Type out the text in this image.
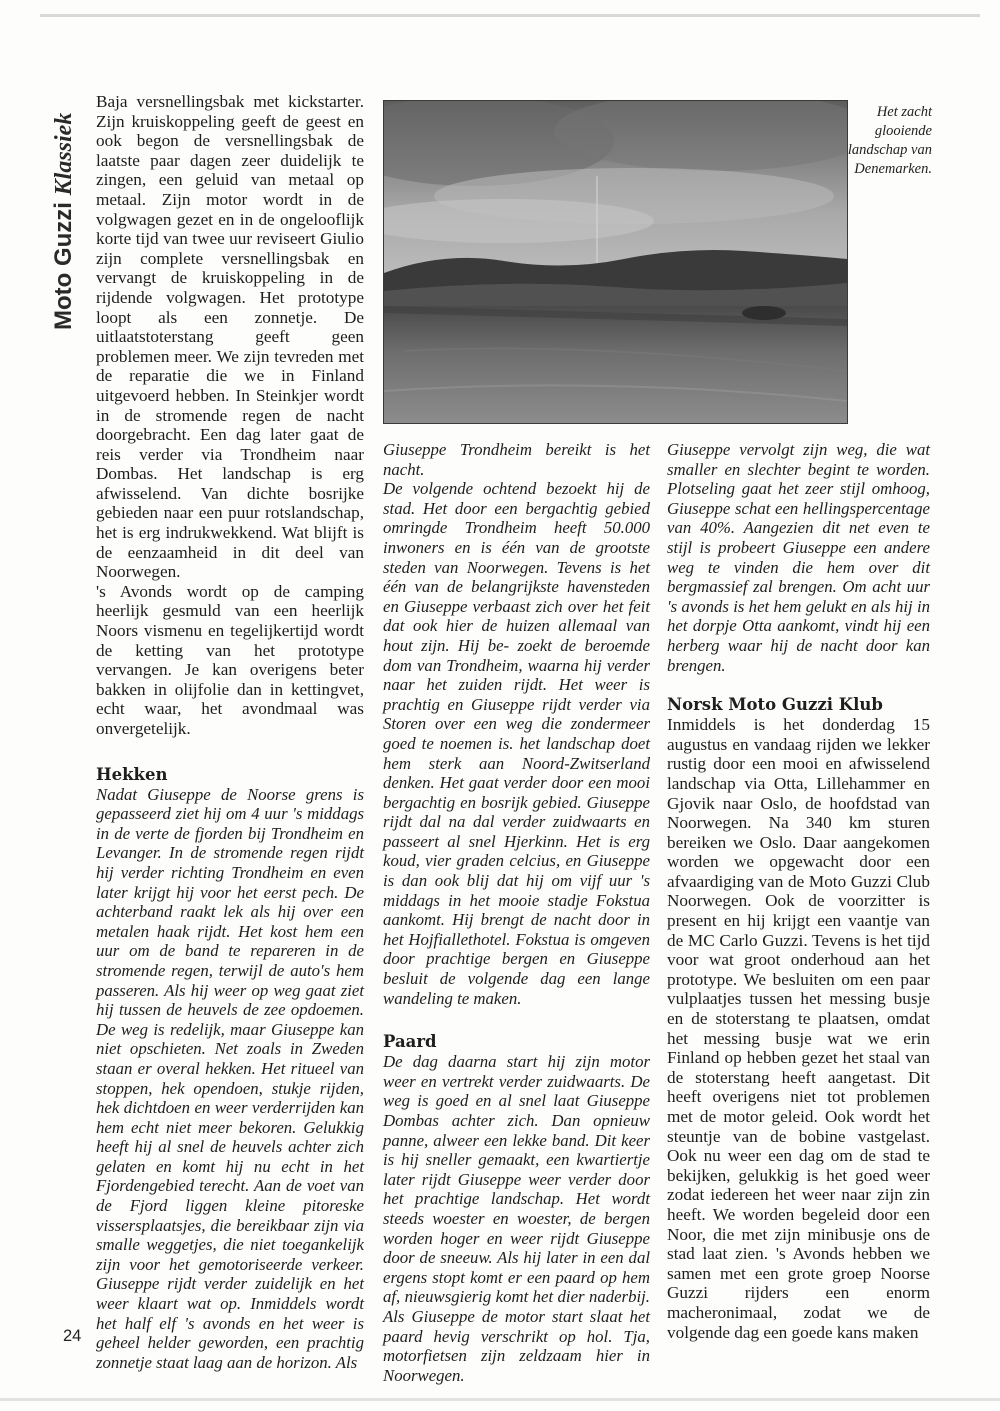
Moto Guzzi Klassiek

Baja versnellingsbak met kickstarter. Zijn kruiskoppeling geeft de geest en ook begon de versnellingsbak de laatste paar dagen zeer duidelijk te zingen, een geluid van metaal op metaal. Zijn motor wordt in de volgwagen gezet en in de ongelooflijk korte tijd van twee uur reviseert Giulio zijn complete versnellingsbak en vervangt de kruiskoppeling in de rijdende volgwagen. Het prototype loopt als een zonnetje. De uitlaatstoterstang geeft geen problemen meer. We zijn tevreden met de reparatie die we in Finland uitgevoerd hebben. In Steinkjer wordt in de stromende regen de nacht doorgebracht. Een dag later gaat de reis verder via Trondheim naar Dombas. Het landschap is erg afwisselend. Van dichte bosrijke gebieden naar een puur rotslandschap, het is erg indrukwekkend. Wat blijft is de eenzaamheid in dit deel van Noorwegen.

's Avonds wordt op de camping heerlijk gesmuld van een heerlijk Noors vismenu en tegelijkertijd wordt de ketting van het prototype vervangen. Je kan overigens beter bakken in olijfolie dan in kettingvet, echt waar, het avondmaal was onvergetelijk.

Hekken

Nadat Giuseppe de Noorse grens is gepasseerd ziet hij om 4 uur 's middags in de verte de fjorden bij Trondheim en Levanger. In de stromende regen rijdt hij verder richting Trondheim en even later krijgt hij voor het eerst pech. De achterband raakt lek als hij over een metalen haak rijdt. Het kost hem een uur om de band te repareren in de stromende regen, terwijl de auto's hem passeren. Als hij weer op weg gaat ziet hij tussen de heuvels de zee opdoemen. De weg is redelijk, maar Giuseppe kan niet opschieten. Net zoals in Zweden staan er overal hekken. Het ritueel van stoppen, hek opendoen, stukje rijden, hek dichtdoen en weer verderrijden kan hem echt niet meer bekoren. Gelukkig heeft hij al snel de heuvels achter zich gelaten en komt hij nu echt in het Fjordengebied terecht. Aan de voet van de Fjord liggen kleine pitoreske vissersplaatsjes, die bereikbaar zijn via smalle weggetjes, die niet toegankelijk zijn voor het gemotoriseerde verkeer. Giuseppe rijdt verder zuidelijk en het weer klaart wat op. Inmiddels wordt het half elf 's avonds en het weer is geheel helder geworden, een prachtig zonnetje staat laag aan de horizon. Als

Het zacht glooiende landschap van Denemarken.

Giuseppe Trondheim bereikt is het nacht.

De volgende ochtend bezoekt hij de stad. Het door een bergachtig gebied omringde Trondheim heeft 50.000 inwoners en is één van de grootste steden van Noorwegen. Tevens is het één van de belangrijkste havensteden en Giuseppe verbaast zich over het feit dat ook hier de huizen allemaal van hout zijn. Hij be- zoekt de beroemde dom van Trondheim, waarna hij verder naar het zuiden rijdt. Het weer is prachtig en Giuseppe rijdt verder via Storen over een weg die zondermeer goed te noemen is. het landschap doet hem sterk aan Noord-Zwitserland denken. Het gaat verder door een mooi bergachtig en bosrijk gebied. Giuseppe rijdt dal na dal verder zuidwaarts en passeert al snel Hjerkinn. Het is erg koud, vier graden celcius, en Giuseppe is dan ook blij dat hij om vijf uur 's middags in het mooie stadje Fokstua aankomt. Hij brengt de nacht door in het Hojfiallethotel. Fokstua is omgeven door prachtige bergen en Giuseppe besluit de volgende dag een lange wandeling te maken.

Paard

De dag daarna start hij zijn motor weer en vertrekt verder zuidwaarts. De weg is goed en al snel laat Giuseppe Dombas achter zich. Dan opnieuw panne, alweer een lekke band. Dit keer is hij sneller gemaakt, een kwartiertje later rijdt Giuseppe weer verder door het prachtige landschap. Het wordt steeds woester en woester, de bergen worden hoger en weer rijdt Giuseppe door de sneeuw. Als hij later in een dal ergens stopt komt er een paard op hem af, nieuwsgierig komt het dier naderbij. Als Giuseppe de motor start slaat het paard hevig verschrikt op hol. Tja, motorfietsen zijn zeldzaam hier in Noorwegen.

Giuseppe vervolgt zijn weg, die wat smaller en slechter begint te worden. Plotseling gaat het zeer stijl omhoog, Giuseppe schat een hellingspercentage van 40%. Aangezien dit net even te stijl is probeert Giuseppe een andere weg te vinden die hem over dit bergmassief zal brengen. Om acht uur 's avonds is het hem gelukt en als hij in het dorpje Otta aankomt, vindt hij een herberg waar hij de nacht door kan brengen.

Norsk Moto Guzzi Klub

Inmiddels is het donderdag 15 augustus en vandaag rijden we lekker rustig door een mooi en afwisselend landschap via Otta, Lillehammer en Gjovik naar Oslo, de hoofdstad van Noorwegen. Na 340 km sturen bereiken we Oslo. Daar aangekomen worden we opgewacht door een afvaardiging van de Moto Guzzi Club Noorwegen. Ook de voorzitter is present en hij krijgt een vaantje van de MC Carlo Guzzi. Tevens is het tijd voor wat groot onderhoud aan het prototype. We besluiten om een paar vulplaatjes tussen het messing busje en de stoterstang te plaatsen, omdat het messing busje wat we erin Finland op hebben gezet het staal van de stoterstang heeft aangetast. Dit heeft overigens niet tot problemen met de motor geleid. Ook wordt het steuntje van de bobine vastgelast. Ook nu weer een dag om de stad te bekijken, gelukkig is het goed weer zodat iedereen het weer naar zijn zin heeft. We worden begeleid door een Noor, die met zijn minibusje ons de stad laat zien. 's Avonds hebben we samen met een grote groep Noorse Guzzi rijders een enorm macheronimaal, zodat we de volgende dag een goede kans maken

24
